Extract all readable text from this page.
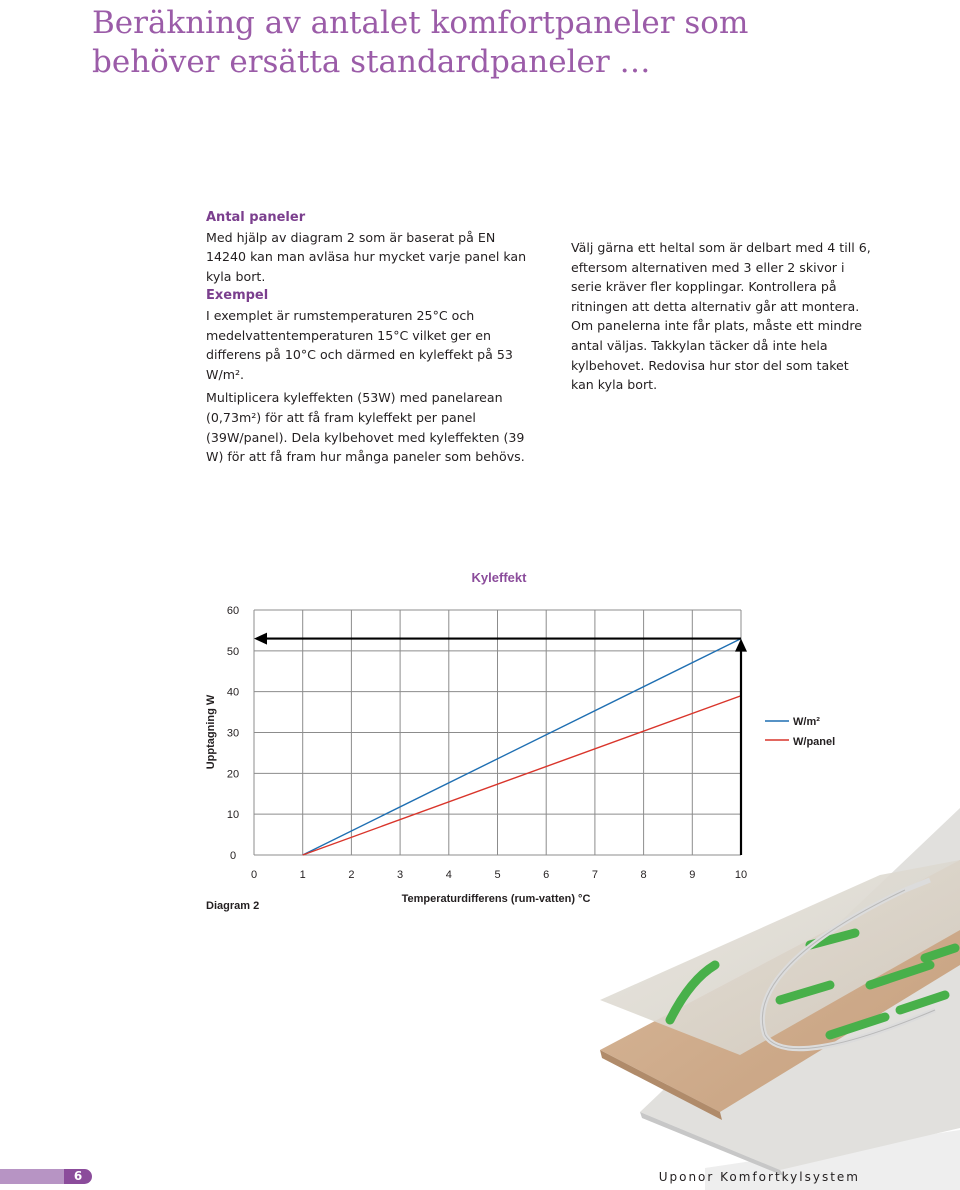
Beräkning av antalet komfortpaneler som behöver ersätta standardpaneler …

Antal paneler

Med hjälp av diagram 2 som är baserat på EN 14240 kan man avläsa hur mycket varje panel kan kyla bort.

Exempel

I exemplet är rumstemperaturen 25°C och medelvattentemperaturen 15°C vilket ger en differens på 10°C och därmed en kyleffekt på 53 W/m².

Multiplicera kyleffekten (53W) med panelarean (0,73m²) för att få fram kyleffekt per panel (39W/panel). Dela kylbehovet med kyleffekten (39 W) för att få fram hur många paneler som behövs.

Välj gärna ett heltal som är delbart med 4 till 6, eftersom alternativen med 3 eller 2 skivor i serie kräver fler kopplingar. Kontrollera på ritningen att detta alternativ går att montera. Om panelerna inte får plats, måste ett mindre antal väljas. Takkylan täcker då inte hela kylbehovet. Redovisa hur stor del som taket kan kyla bort.

Kyleffekt
0	1	2	3	4	5	6	7	8	9	10
0
10
20
30
40
50
60
Upptagning W
Temperaturdifferens (rum-vatten) °C
Diagram 2
W/m²
W/panel
6	Uponor Komfortkylsystem
